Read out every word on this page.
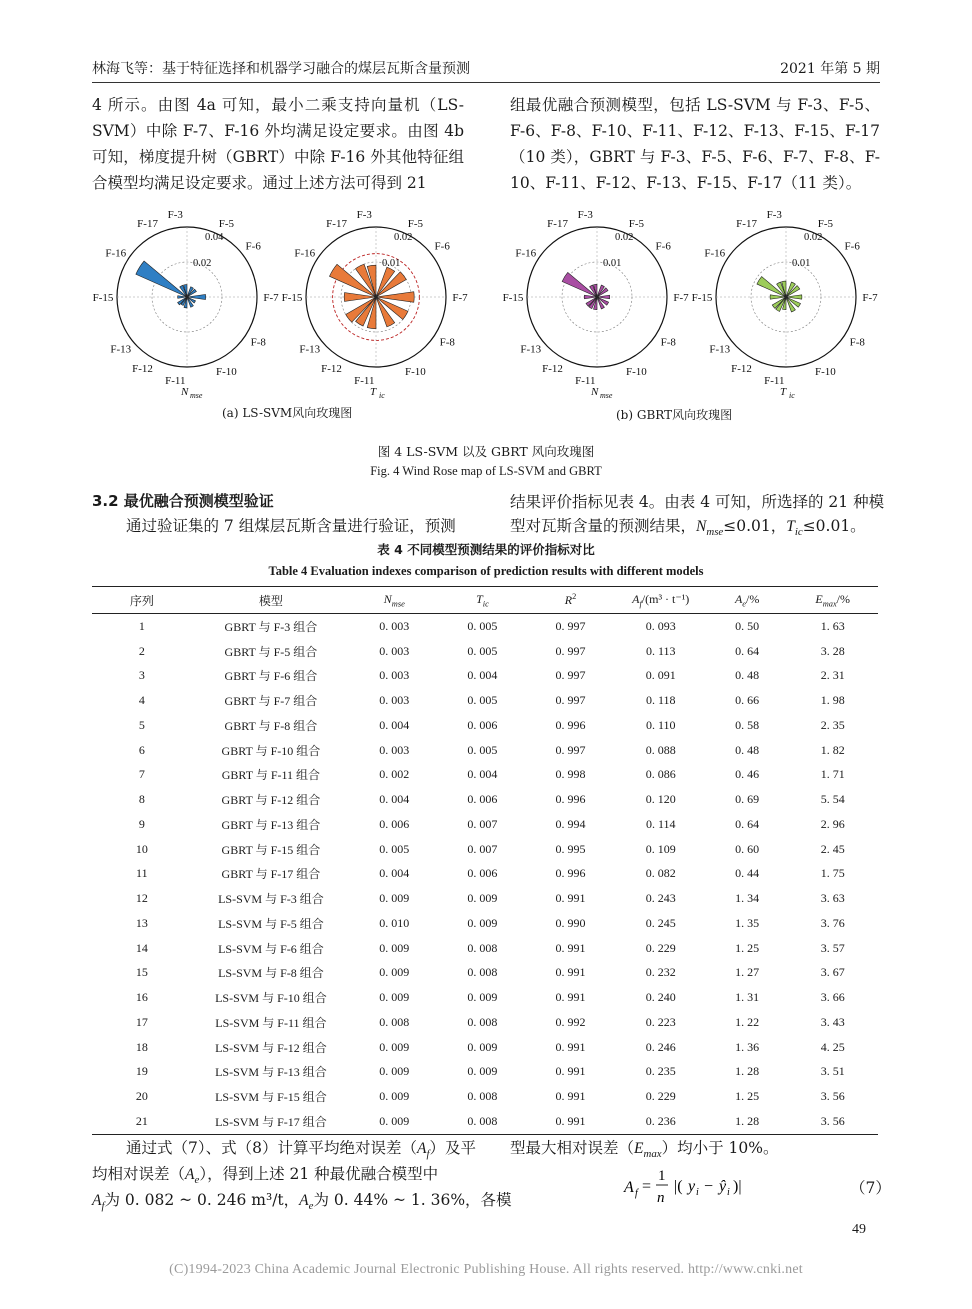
林海飞等：基于特征选择和机器学习融合的煤层瓦斯含量预测	2021 年第 5 期

4 所示。由图 4a 可知，最小二乘支持向量机（LS-SVM）中除 F-7、F-16 外均满足设定要求。由图 4b 可知，梯度提升树（GBRT）中除 F-16 外其他特征组合模型均满足设定要求。通过上述方法可得到 21

组最优融合预测模型，包括 LS-SVM 与 F-3、F-5、F-6、F-8、F-10、F-11、F-12、F-13、F-15、F-17（10 类），GBRT 与 F-3、F-5、F-6、F-7、F-8、F-10、F-11、F-12、F-13、F-15、F-17（11 类）。

F-3
F-5
F-6
F-7
F-8
F-10
F-11
F-12
F-13
F-15
F-16
F-17
0.04
0.02
N mse
F-3
F-5
F-6
F-7
F-8
F-10
F-11
F-12
F-13
F-15
F-16
F-17
0.02
0.01
T ic
F-3
F-5
F-6
F-7
F-8
F-10
F-11
F-12
F-13
F-15
F-16
F-17
0.02
0.01
N mse
F-3
F-5
F-6
F-7
F-8
F-10
F-11
F-12
F-13
F-15
F-16
F-17
0.02
0.01
T ic
(a) LS-SVM风向玫瑰图	(b) GBRT风向玫瑰图
图 4 LS-SVM 以及 GBRT 风向玫瑰图
Fig. 4 Wind Rose map of LS-SVM and GBRT
3.2 最优融合预测模型验证
通过验证集的 7 组煤层瓦斯含量进行验证，预测
结果评价指标见表 4。由表 4 可知，所选择的 21 种模
型对瓦斯含量的预测结果，$N_{mse}\le 0.01$，$T_{ic}\le 0.01$。
表 4 不同模型预测结果的评价指标对比
Table 4 Evaluation indexes comparison of prediction results with different models
序列	模型	$N_{mse}$	$T_{ic}$	$R^2$	$A_f/(m^3 \cdot t^{-1})$	$A_e/\%$	$E_{max}/\%$
1	GBRT 与 F-3 组合	0. 003	0. 005	0. 997	0. 093	0. 50	1. 63
2	GBRT 与 F-5 组合	0. 003	0. 005	0. 997	0. 113	0. 64	3. 28
3	GBRT 与 F-6 组合	0. 003	0. 004	0. 997	0. 091	0. 48	2. 31
4	GBRT 与 F-7 组合	0. 003	0. 005	0. 997	0. 118	0. 66	1. 98
5	GBRT 与 F-8 组合	0. 004	0. 006	0. 996	0. 110	0. 58	2. 35
6	GBRT 与 F-10 组合	0. 003	0. 005	0. 997	0. 088	0. 48	1. 82
7	GBRT 与 F-11 组合	0. 002	0. 004	0. 998	0. 086	0. 46	1. 71
8	GBRT 与 F-12 组合	0. 004	0. 006	0. 996	0. 120	0. 69	5. 54
9	GBRT 与 F-13 组合	0. 006	0. 007	0. 994	0. 114	0. 64	2. 96
10	GBRT 与 F-15 组合	0. 005	0. 007	0. 995	0. 109	0. 60	2. 45
11	GBRT 与 F-17 组合	0. 004	0. 006	0. 996	0. 082	0. 44	1. 75
12	LS-SVM 与 F-3 组合	0. 009	0. 009	0. 991	0. 243	1. 34	3. 63
13	LS-SVM 与 F-5 组合	0. 010	0. 009	0. 990	0. 245	1. 35	3. 76
14	LS-SVM 与 F-6 组合	0. 009	0. 008	0. 991	0. 229	1. 25	3. 57
15	LS-SVM 与 F-8 组合	0. 009	0. 008	0. 991	0. 232	1. 27	3. 67
16	LS-SVM 与 F-10 组合	0. 009	0. 009	0. 991	0. 240	1. 31	3. 66
17	LS-SVM 与 F-11 组合	0. 008	0. 008	0. 992	0. 223	1. 22	3. 43
18	LS-SVM 与 F-12 组合	0. 009	0. 009	0. 991	0. 246	1. 36	4. 25
19	LS-SVM 与 F-13 组合	0. 009	0. 009	0. 991	0. 235	1. 28	3. 51
20	LS-SVM 与 F-15 组合	0. 009	0. 008	0. 991	0. 229	1. 25	3. 56
21	LS-SVM 与 F-17 组合	0. 009	0. 008	0. 991	0. 236	1. 28	3. 56
通过式（7）、式（8）计算平均绝对误差$(A_f)$及平
均相对误差$(A_e)$，得到上述 21 种最优融合模型中
$A_f$为 0. 082 ~ 0. 246 m³/t，$A_e$为 0. 44% ~ 1. 36%，各模
型最大相对误差$(E_{max})$均小于 10%。
A f =
1
n
|( y i − ŷ i )|	（7）
49
(C)1994-2023 China Academic Journal Electronic Publishing House. All rights reserved. http://www.cnki.net
